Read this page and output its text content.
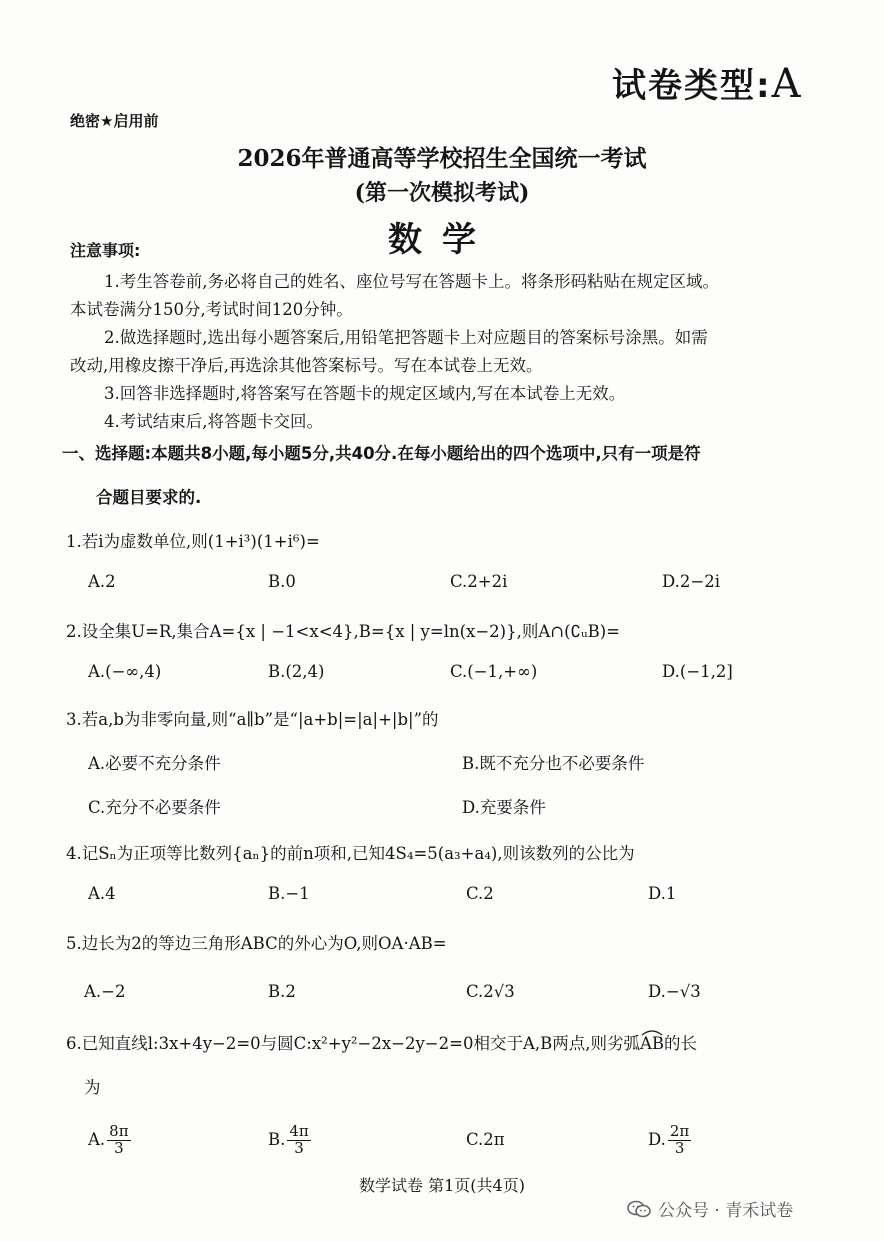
试卷类型:A
绝密★启用前
2026年普通高等学校招生全国统一考试
(第一次模拟考试)
数学
注意事项:
1.考生答卷前,务必将自己的姓名、座位号写在答题卡上。将条形码粘贴在规定区域。
本试卷满分150分,考试时间120分钟。
2.做选择题时,选出每小题答案后,用铅笔把答题卡上对应题目的答案标号涂黑。如需
改动,用橡皮擦干净后,再选涂其他答案标号。写在本试卷上无效。
3.回答非选择题时,将答案写在答题卡的规定区域内,写在本试卷上无效。
4.考试结束后,将答题卡交回。
一、选择题:本题共8小题,每小题5分,共40分.在每小题给出的四个选项中,只有一项是符
合题目要求的.
1.若i为虚数单位,则(1+i³)(1+i⁶)=
A.2	B.0	C.2+2i	D.2−2i
2.设全集U=R,集合A={x | −1<x<4},B={x | y=ln(x−2)},则A∩(∁ᵤB)=
A.(−∞,4)	B.(2,4)	C.(−1,+∞)	D.(−1,2]
3.若a,b为非零向量,则“a∥b”是“|a+b|=|a|+|b|”的
A.必要不充分条件	B.既不充分也不必要条件
C.充分不必要条件	D.充要条件
4.记Sₙ为正项等比数列{aₙ}的前n项和,已知4S₄=5(a₃+a₄),则该数列的公比为
A.4	B.−1	C.2	D.1
5.边长为2的等边三角形ABC的外心为O,则OA·AB=
A.−2	B.2	C.2√3	D.−√3
6.已知直线l:3x+4y−2=0与圆C:x²+y²−2x−2y−2=0相交于A,B两点,则劣弧
AB的长
为
A. $\frac{8\pi}{3}$	B. $\frac{4\pi}{3}$	C.2π	D. $\frac{2\pi}{3}$
数学试卷 第1页(共4页)
公众号 · 青禾试卷
